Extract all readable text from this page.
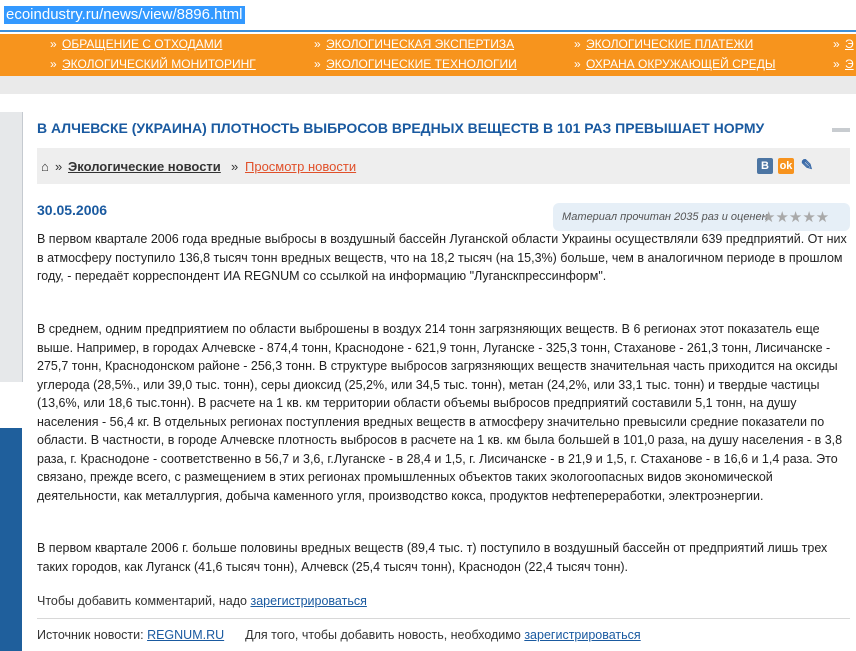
ecoindustry.ru/news/view/8896.html
» ОБРАЩЕНИЕ С ОТХОДАМИ	» ЭКОЛОГИЧЕСКАЯ ЭКСПЕРТИЗА	» ЭКОЛОГИЧЕСКИЕ ПЛАТЕЖИ	» Э
» ЭКОЛОГИЧЕСКИЙ МОНИТОРИНГ	» ЭКОЛОГИЧЕСКИЕ ТЕХНОЛОГИИ	» ОХРАНА ОКРУЖАЮЩЕЙ СРЕДЫ	» Э
В АЛЧЕВСКЕ (УКРАИНА) ПЛОТНОСТЬ ВЫБРОСОВ ВРЕДНЫХ ВЕЩЕСТВ В 101 РАЗ ПРЕВЫШАЕТ НОРМУ
⌂ » Экологические новости » Просмотр новости	В ok ✎
30.05.2006	Материал прочитан 2035 раз и оценен
★★★★★

В первом квартале 2006 года вредные выбросы в воздушный бассейн Луганской области Украины осуществляли 639 предприятий. От них в атмосферу поступило 136,8 тысяч тонн вредных веществ, что на 18,2 тысяч (на 15,3%) больше, чем в аналогичном периоде в прошлом году, - передаёт корреспондент ИА REGNUM со ссылкой на информацию "Луганскпрессинформ".

В среднем, одним предприятием по области выброшены в воздух 214 тонн загрязняющих веществ. В 6 регионах этот показатель еще выше. Например, в городах Алчевске - 874,4 тонн, Краснодоне - 621,9 тонн, Луганске - 325,3 тонн, Стаханове - 261,3 тонн, Лисичанске - 275,7 тонн, Краснодонском районе - 256,3 тонн. В структуре выбросов загрязняющих веществ значительная часть приходится на оксиды углерода (28,5%., или 39,0 тыс. тонн), серы диоксид (25,2%, или 34,5 тыс. тонн), метан (24,2%, или 33,1 тыс. тонн) и твердые частицы (13,6%, или 18,6 тыс.тонн). В расчете на 1 кв. км территории области объемы выбросов предприятий составили 5,1 тонн, на душу населения - 56,4 кг. В отдельных регионах поступления вредных веществ в атмосферу значительно превысили средние показатели по области. В частности, в городе Алчевске плотность выбросов в расчете на 1 кв. км была большей в 101,0 раза, на душу населения - в 3,8 раза, г. Краснодоне - соответственно в 56,7 и 3,6, г.Луганске - в 28,4 и 1,5, г. Лисичанске - в 21,9 и 1,5, г. Стаханове - в 16,6 и 1,4 раза. Это связано, прежде всего, с размещением в этих регионах промышленных объектов таких экологоопасных видов экономической деятельности, как металлургия, добыча каменного угля, производство кокса, продуктов нефтепереработки, электроэнергии.

В первом квартале 2006 г. больше половины вредных веществ (89,4 тыс. т) поступило в воздушный бассейн от предприятий лишь трех таких городов, как Луганск (41,6 тысяч тонн), Алчевск (25,4 тысяч тонн), Краснодон (22,4 тысяч тонн).

Чтобы добавить комментарий, надо зарегистрироваться
Источник новости: REGNUM.RU Для того, чтобы добавить новость, необходимо зарегистрироваться
